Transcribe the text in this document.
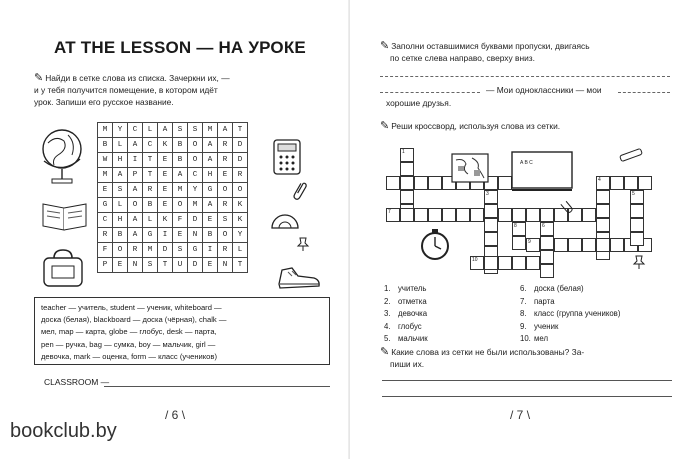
AT THE LESSON — НА УРОКЕ
✎ Найди в сетке слова из списка. Зачеркни их, —
и у тебя получится помещение, в котором идёт
урок. Запиши его русское название.
M	Y	C	L	A	S	S	M	A	T
B	L	A	C	K	B	O	A	R	D
W	H	I	T	E	B	O	A	R	D
M	A	P	T	E	A	C	H	E	R
E	S	A	R	E	M	Y	G	O	O
G	L	O	B	E	O	M	A	R	K
C	H	A	L	K	F	D	E	S	K
R	B	A	G	I	E	N	B	O	Y
F	O	R	M	D	S	G	I	R	L
P	E	N	S	T	U	D	E	N	T
teacher — учитель, student — ученик, whiteboard —
доска (белая), blackboard — доска (чёрная), chalk —
мел, map — карта, globe — глобус, desk — парта,
pen — ручка, bag — сумка, boy — мальчик, girl —
девочка, mark — оценка, form — класс (учеников)
CLASSROOM —
/ 6 \
✎ Заполни оставшимися буквами пропуски, двигаясь
по сетке слева направо, сверху вниз.
— Мои одноклассники — мои
хорошие друзья.
✎ Реши кроссворд, используя слова из сетки.
1
7
3
4
9
10
6
5
8
A B C
1. учитель
2. отметка
3. девочка
4. глобус
5. мальчик
6. доска (белая)
7. парта
8. класс (группа учеников)
9. ученик
10. мел
✎ Какие слова из сетки не были использованы? За-
пиши их.
/ 7 \
bookclub.by
